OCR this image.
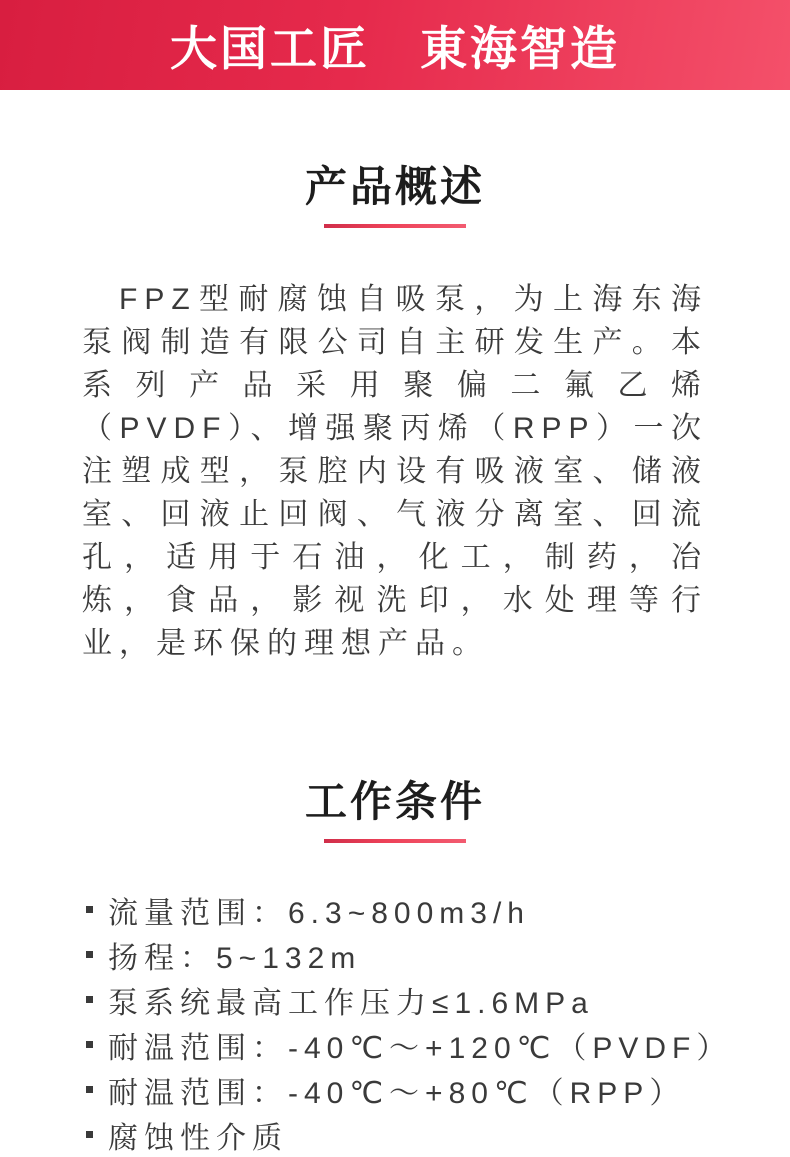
大国工匠　東海智造
产品概述

FPZ型耐腐蚀自吸泵，为上海东海泵阀制造有限公司自主研发生产。本系列产品采用聚偏二氟乙烯（PVDF）、增强聚丙烯（RPP）一次注塑成型，泵腔内设有吸液室、储液室、回液止回阀、气液分离室、回流孔，适用于石油，化工，制药，冶炼，食品，影视洗印，水处理等行业，是环保的理想产品。

工作条件
流量范围：6.3~800m3/h
扬程：5~132m
泵系统最高工作压力≤1.6MPa
耐温范围：-40℃～+120℃（PVDF）
耐温范围：-40℃～+80℃（RPP）
腐蚀性介质
